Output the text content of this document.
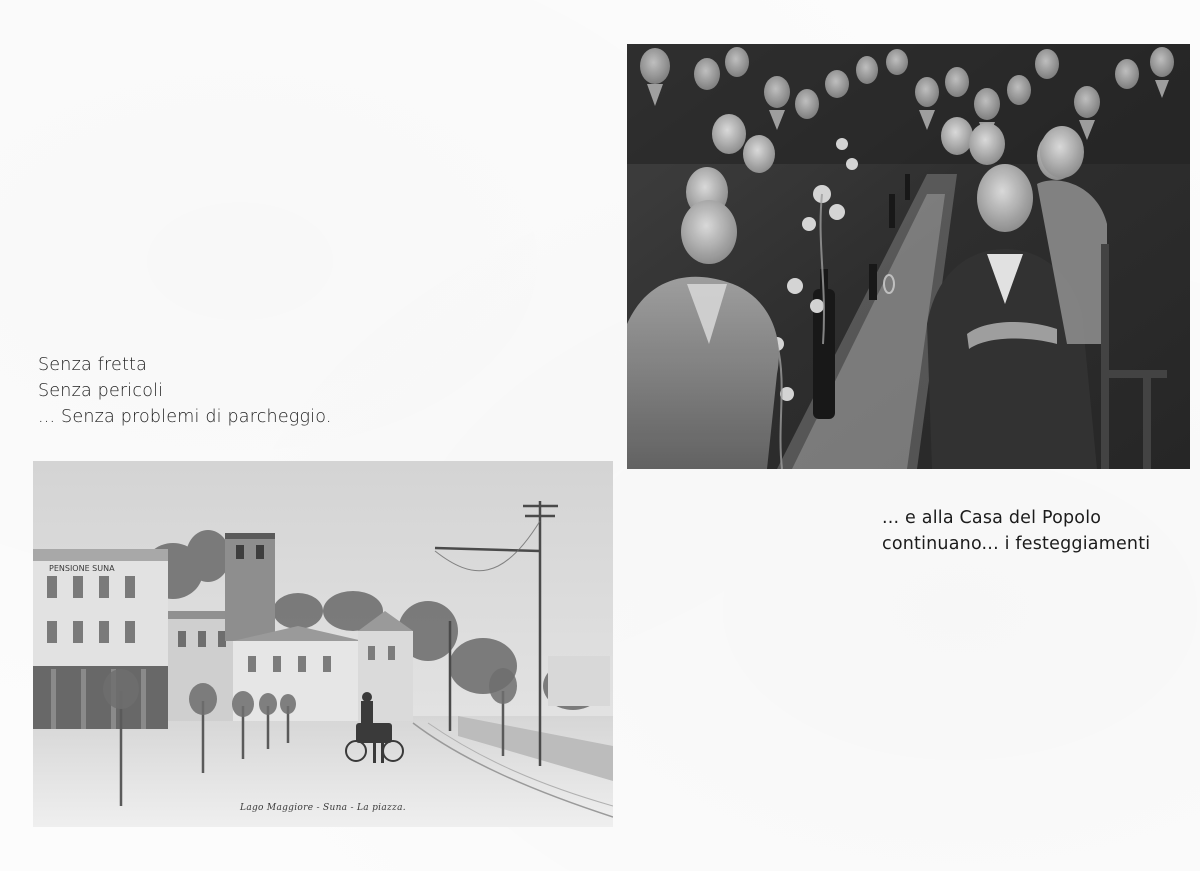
Senza fretta
Senza pericoli
... Senza problemi di parcheggio.
... e alla Casa del Popolo
continuano... i festeggiamenti
PENSIONE SUNA
Lago Maggiore - Suna - La piazza.
